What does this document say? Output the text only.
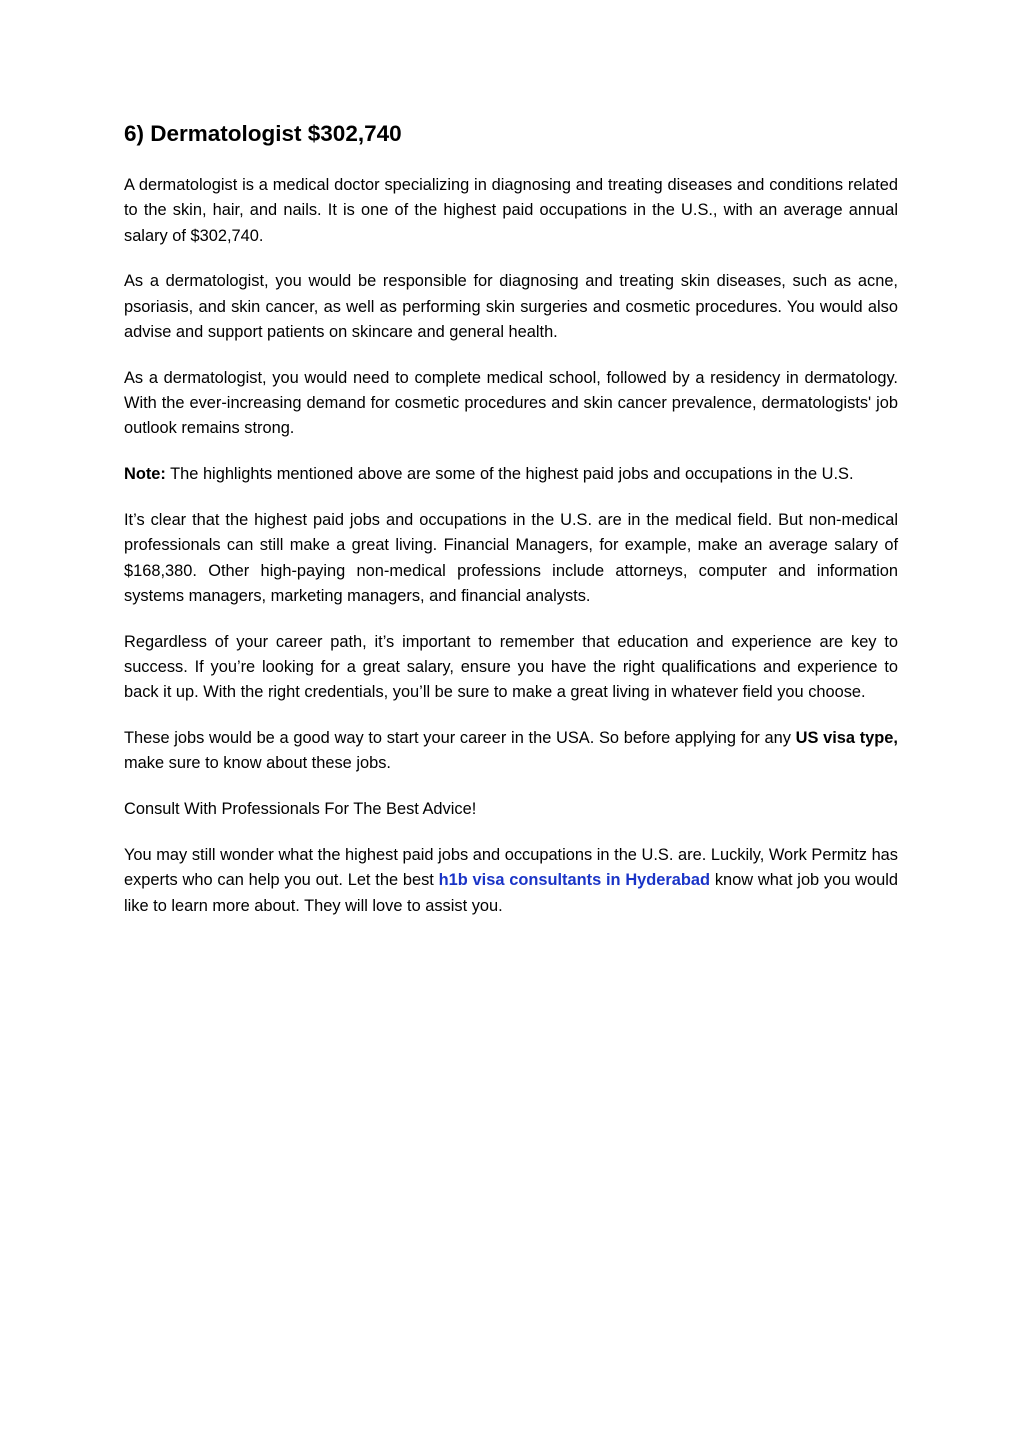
6) Dermatologist $302,740

A dermatologist is a medical doctor specializing in diagnosing and treating diseases and conditions related to the skin, hair, and nails. It is one of the highest paid occupations in the U.S., with an average annual salary of $302,740.

As a dermatologist, you would be responsible for diagnosing and treating skin diseases, such as acne, psoriasis, and skin cancer, as well as performing skin surgeries and cosmetic procedures. You would also advise and support patients on skincare and general health.

As a dermatologist, you would need to complete medical school, followed by a residency in dermatology. With the ever-increasing demand for cosmetic procedures and skin cancer prevalence, dermatologists' job outlook remains strong.

Note: The highlights mentioned above are some of the highest paid jobs and occupations in the U.S.

It’s clear that the highest paid jobs and occupations in the U.S. are in the medical field. But non-medical professionals can still make a great living. Financial Managers, for example, make an average salary of $168,380. Other high-paying non-medical professions include attorneys, computer and information systems managers, marketing managers, and financial analysts.

Regardless of your career path, it’s important to remember that education and experience are key to success. If you’re looking for a great salary, ensure you have the right qualifications and experience to back it up. With the right credentials, you’ll be sure to make a great living in whatever field you choose.

These jobs would be a good way to start your career in the USA. So before applying for any US visa type, make sure to know about these jobs.

Consult With Professionals For The Best Advice!

You may still wonder what the highest paid jobs and occupations in the U.S. are. Luckily, Work Permitz has experts who can help you out. Let the best h1b visa consultants in Hyderabad know what job you would like to learn more about. They will love to assist you.
